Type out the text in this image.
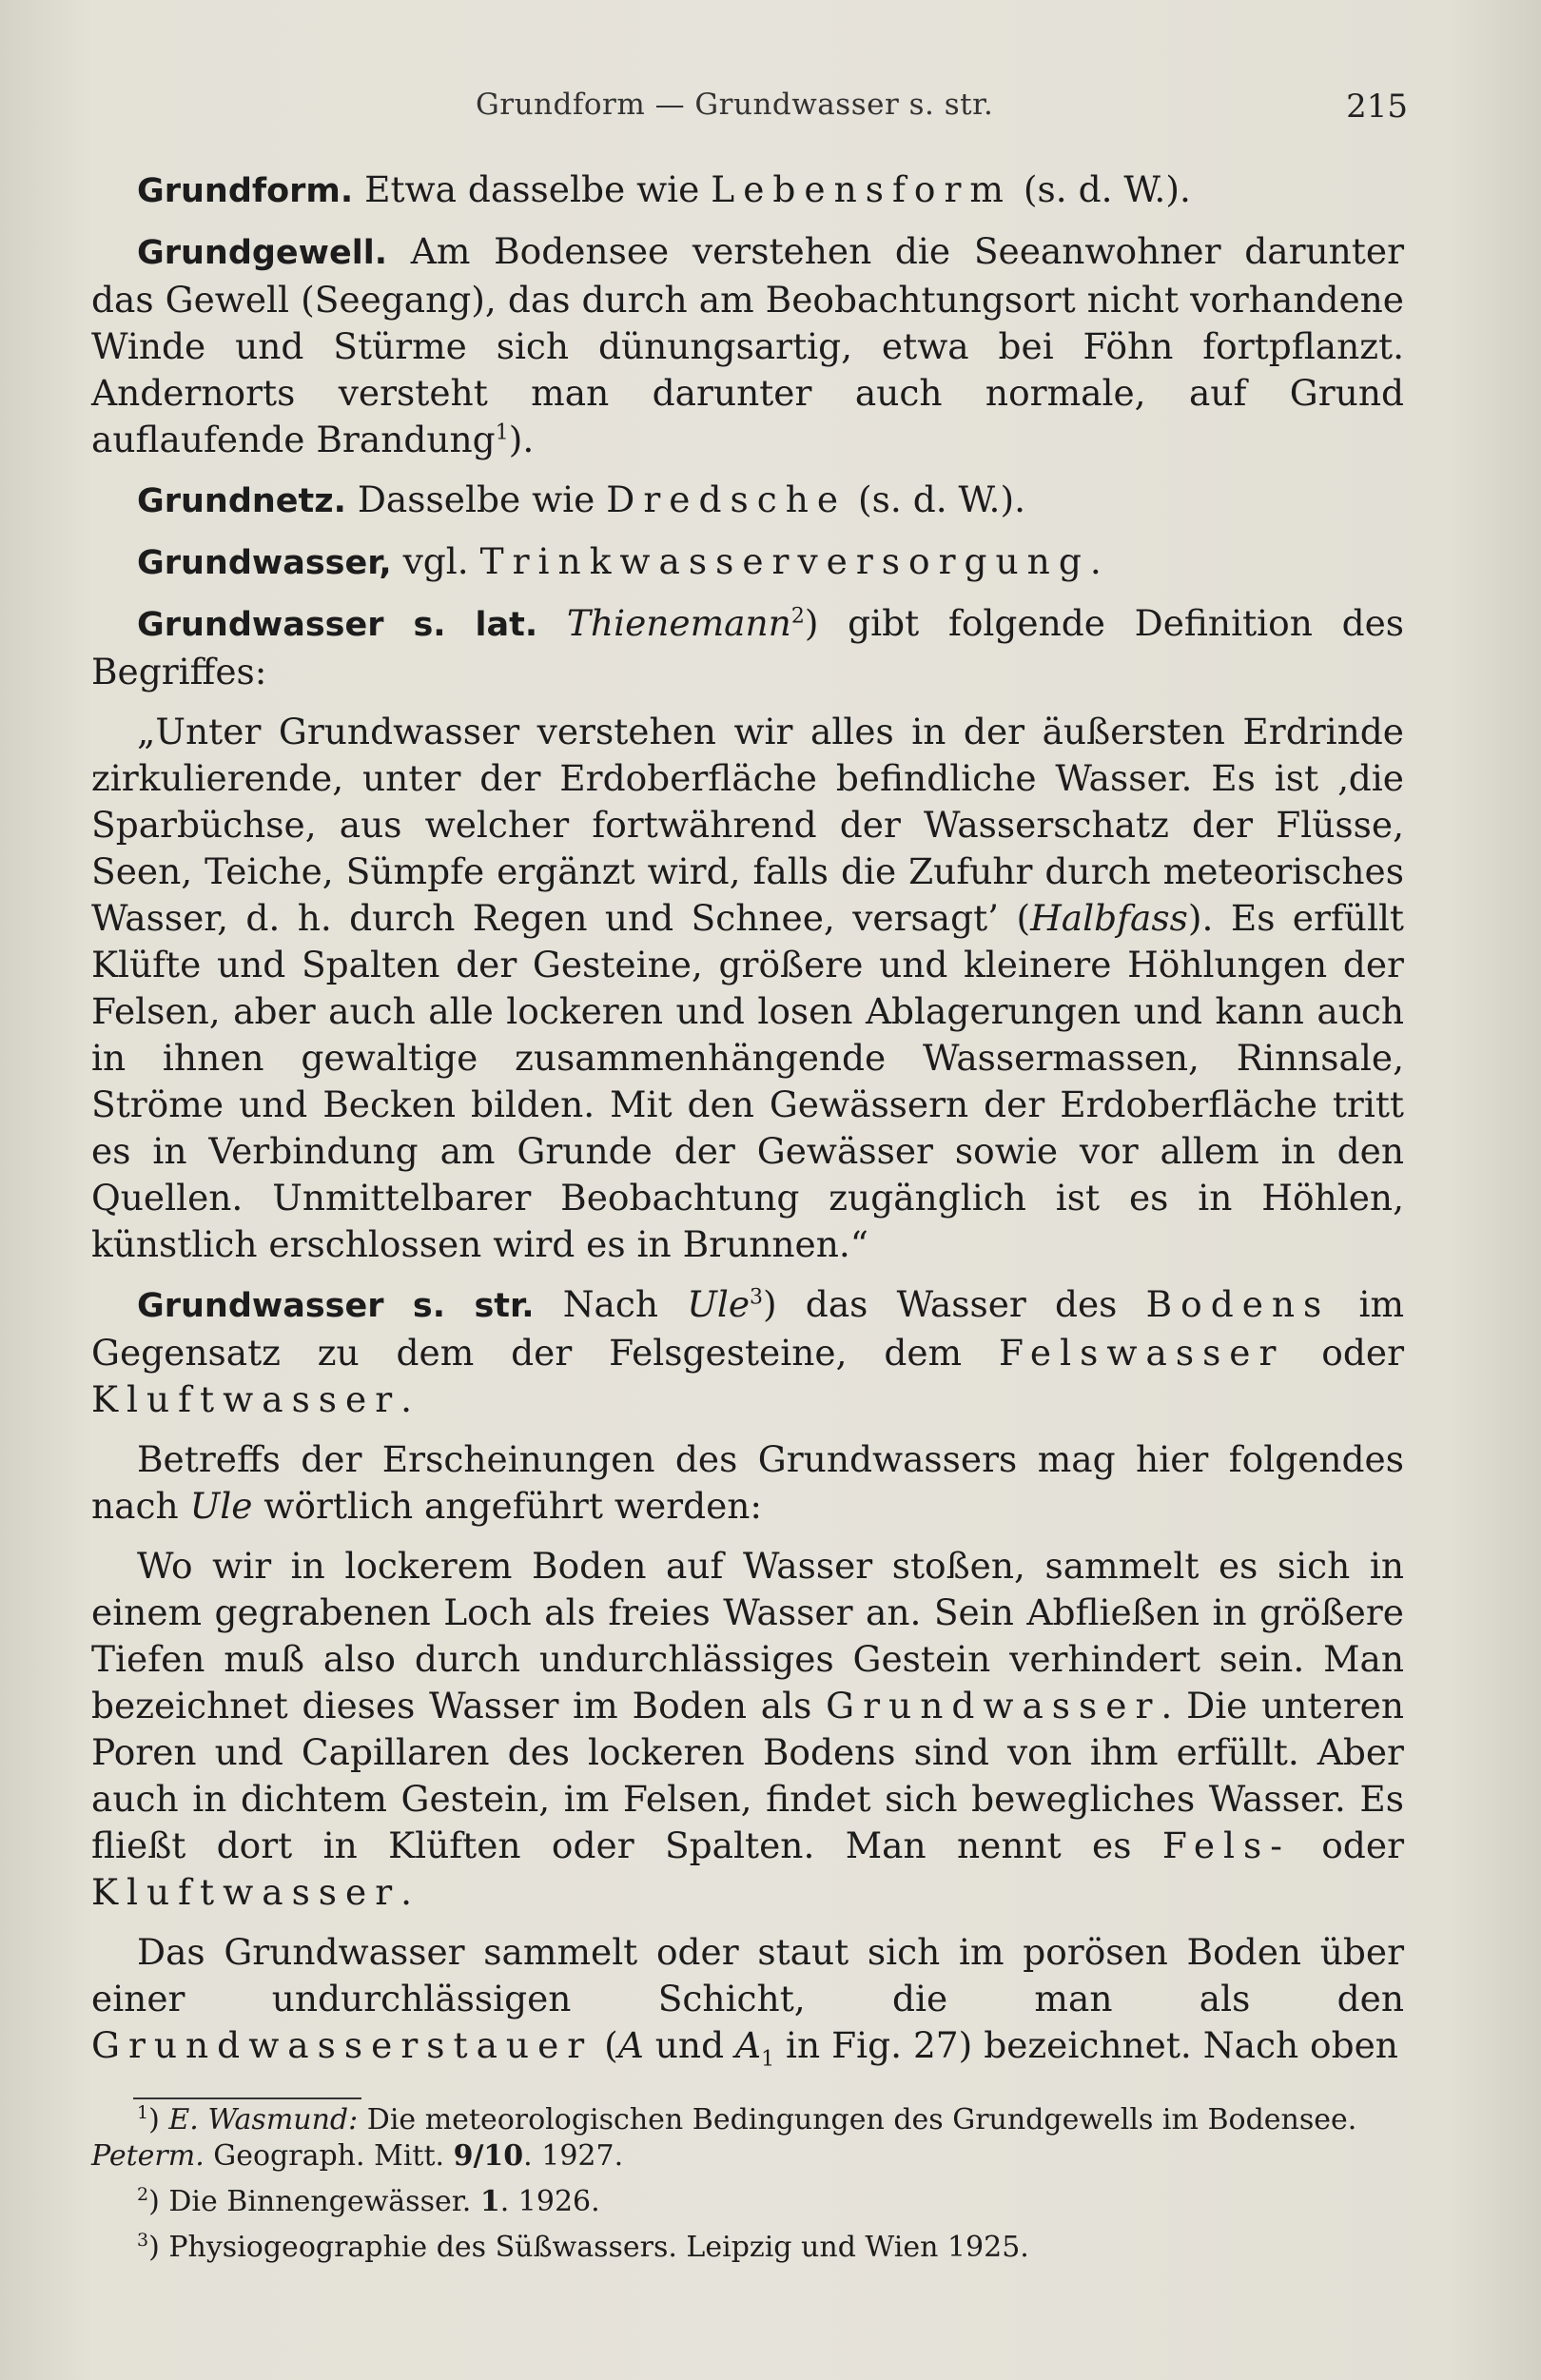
Grundform — Grundwasser s. str.	215

Grundform. Etwa dasselbe wie Lebensform (s. d. W.).

Grundgewell. Am Bodensee verstehen die Seeanwohner darunter das Gewell (Seegang), das durch am Beobachtungsort nicht vorhandene Winde und Stürme sich dünungsartig, etwa bei Föhn fortpflanzt. Andernorts versteht man darunter auch normale, auf Grund auflaufende Brandung$^1$).

Grundnetz. Dasselbe wie Dredsche (s. d. W.).

Grundwasser, vgl. Trinkwasserversorgung.

Grundwasser s. lat. Thienemann$^2$) gibt folgende Definition des Begriffes:

„Unter Grundwasser verstehen wir alles in der äußersten Erdrinde zirkulierende, unter der Erdoberfläche befindliche Wasser. Es ist ‚die Sparbüchse, aus welcher fortwährend der Wasserschatz der Flüsse, Seen, Teiche, Sümpfe ergänzt wird, falls die Zufuhr durch meteorisches Wasser, d. h. durch Regen und Schnee, versagt’ (Halbfass). Es erfüllt Klüfte und Spalten der Gesteine, größere und kleinere Höhlungen der Felsen, aber auch alle lockeren und losen Ablagerungen und kann auch in ihnen gewaltige zusammenhängende Wassermassen, Rinnsale, Ströme und Becken bilden. Mit den Gewässern der Erdoberfläche tritt es in Verbindung am Grunde der Gewässer sowie vor allem in den Quellen. Unmittelbarer Beobachtung zugänglich ist es in Höhlen, künstlich erschlossen wird es in Brunnen.“

Grundwasser s. str. Nach Ule$^3$) das Wasser des Bodens im Gegensatz zu dem der Felsgesteine, dem Felswasser oder Kluftwasser.

Betreffs der Erscheinungen des Grundwassers mag hier folgendes nach Ule wörtlich angeführt werden:

Wo wir in lockerem Boden auf Wasser stoßen, sammelt es sich in einem gegrabenen Loch als freies Wasser an. Sein Abfließen in größere Tiefen muß also durch undurchlässiges Gestein verhindert sein. Man bezeichnet dieses Wasser im Boden als Grundwasser. Die unteren Poren und Capillaren des lockeren Bodens sind von ihm erfüllt. Aber auch in dichtem Gestein, im Felsen, findet sich bewegliches Wasser. Es fließt dort in Klüften oder Spalten. Man nennt es Fels- oder Kluftwasser.

Das Grundwasser sammelt oder staut sich im porösen Boden über einer undurchlässigen Schicht, die man als den Grundwasserstauer (A und $A_1$ in Fig. 27) bezeichnet. Nach oben

$^1$) E. Wasmund: Die meteorologischen Bedingungen des Grundgewells im Bodensee. Peterm. Geograph. Mitt. 9/10. 1927.

$^2$) Die Binnengewässer. 1. 1926.

$^3$) Physiogeographie des Süßwassers. Leipzig und Wien 1925.
